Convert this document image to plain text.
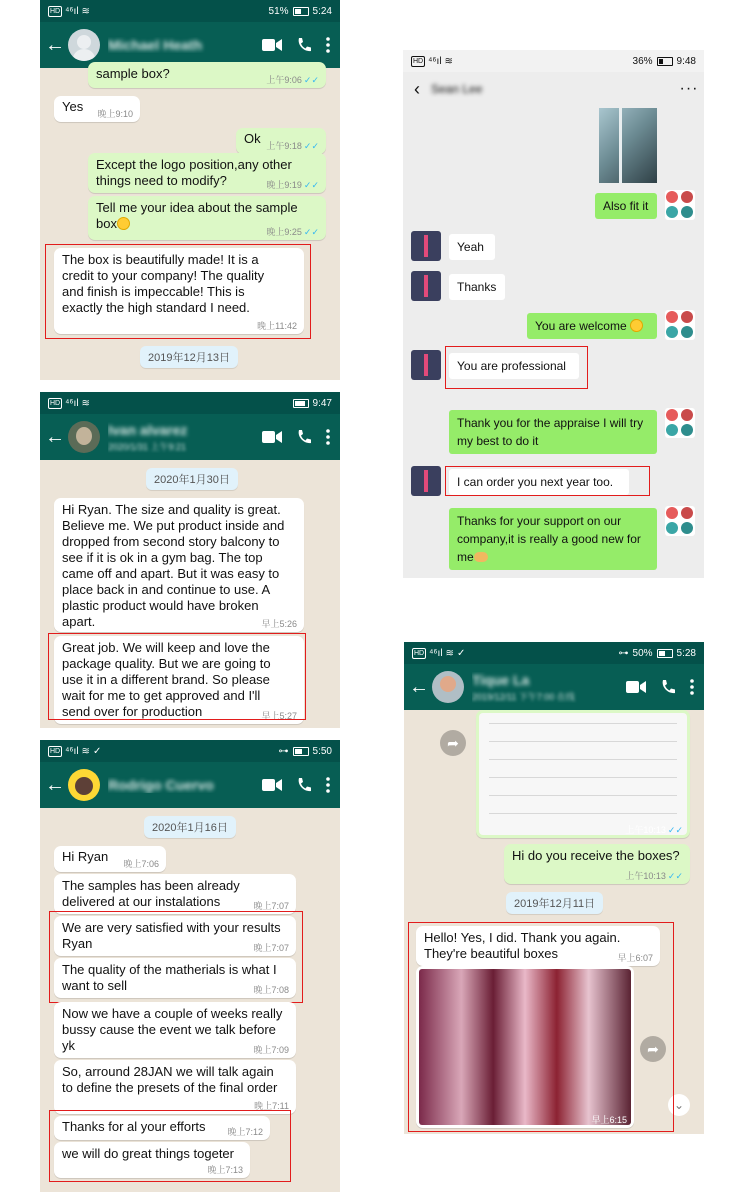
HD ⁴⁶ıl ≋	51% 5:24
←	Michael Heath
sample box?	上午9:06 ✓✓
Yes 晚上9:10
Ok 上午9:18 ✓✓
Except the logo position,any other things need to modify?	晚上9:19 ✓✓
Tell me your idea about the sample box
晚上9:25 ✓✓
The box is beautifully made! It is a credit to your company! The quality and finish is impeccable! This is exactly the high standard I need.
晚上11:42
2019年12月13日
HD ⁴⁶ıl ≋	9:47
←	Ivan alvarez
2020/1/31 上午9:21
2020年1月30日
Hi Ryan. The size and quality is great. Believe me. We put product inside and dropped from second story balcony to see if it is ok in a gym bag. The top came off and apart. But it was easy to place back in and continue to use. A plastic product would have broken apart.	早上5:26
Great job. We will keep and love the package quality. But we are going to use it in a different brand. So please wait for me to get approved and I'll send over for production	早上5:27
HD ⁴⁶ıl ≋ ✓	⊶ 5:50
←	Rodrigo Cuervo
2020年1月16日
Hi Ryan 晚上7:06
The samples has been already delivered at our instalations	晚上7:07
We are very satisfied with your results Ryan	晚上7:07
The quality of the matherials is what I want to sell	晚上7:08
Now we have a couple of weeks really bussy cause the event we talk before yk	晚上7:09
So, arround 28JAN we will talk again to define the presets of the final order
晚上7:11
Thanks for al your efforts 晚上7:12
we will do great things togeter
晚上7:13
HD ⁴⁶ıl ≋	36% 9:48
‹ Sean Lee	···
Also fit it
Yeah
Thanks
You are welcome
You are professional
Thank you for the appraise I will try my best to do it
I can order you next year too.
Thanks for your support on our company,it is really a good new for me
HD ⁴⁶ıl ≋ ✓	⊶ 50% 5:28
←	Tique La
2019/12/11 下午7:00 在线
上午10:13 ✓✓
➦
Hi do you receive the boxes?
上午10:13 ✓✓
2019年12月11日
Hello! Yes, I did. Thank you again. They're beautiful boxes	早上6:07
早上6:15
➦
⌄
